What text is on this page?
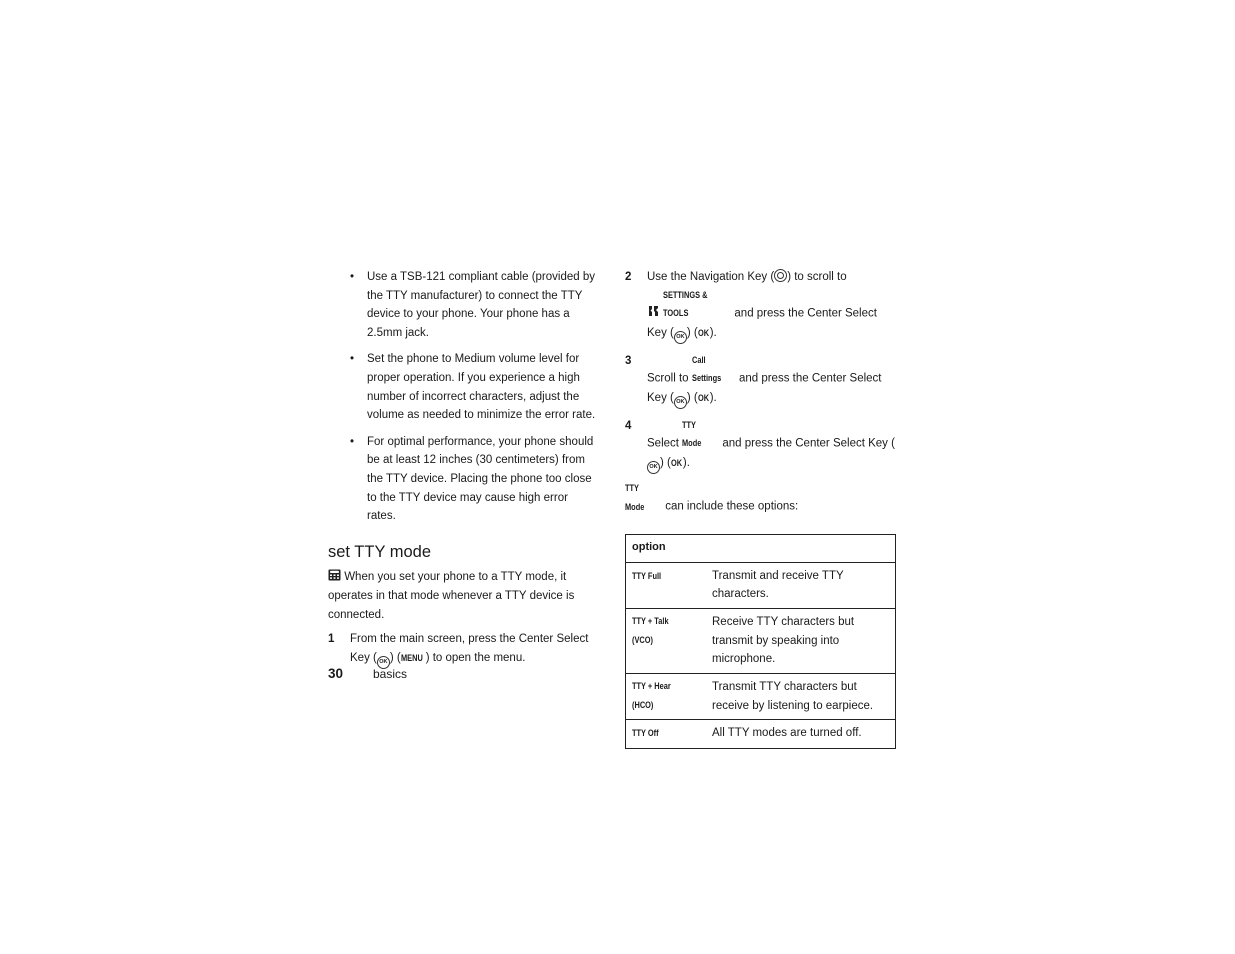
• Use a TSB-121 compliant cable (provided by the TTY manufacturer) to connect the TTY device to your phone. Your phone has a 2.5mm jack.
• Set the phone to Medium volume level for proper operation. If you experience a high number of incorrect characters, adjust the volume as needed to minimize the error rate.
• For optimal performance, your phone should be at least 12 inches (30 centimeters) from the TTY device. Placing the phone too close to the TTY device may cause high error rates.
set TTY mode

When you set your phone to a TTY mode, it operates in that mode whenever a TTY device is connected.

1 From the main screen, press the Center Select Key ( OK ) (MENU ) to open the menu.
2 Use the Navigation Key ( ) to scroll to
SETTINGS & TOOLS	and press the Center Select Key ( OK ) (OK).
3
Scroll to Call Settings and press the Center Select Key ( OK ) (OK).
4
Select TTY Mode and press the Center Select Key (OK ) (OK).

TTY Mode can include these options:

option	
TTY Full	Transmit and receive TTY characters.
TTY + Talk (VCO)	Receive TTY characters but transmit by speaking into microphone.
TTY + Hear (HCO)	Transmit TTY characters but receive by listening to earpiece.
TTY Off	All TTY modes are turned off.
30 basics
